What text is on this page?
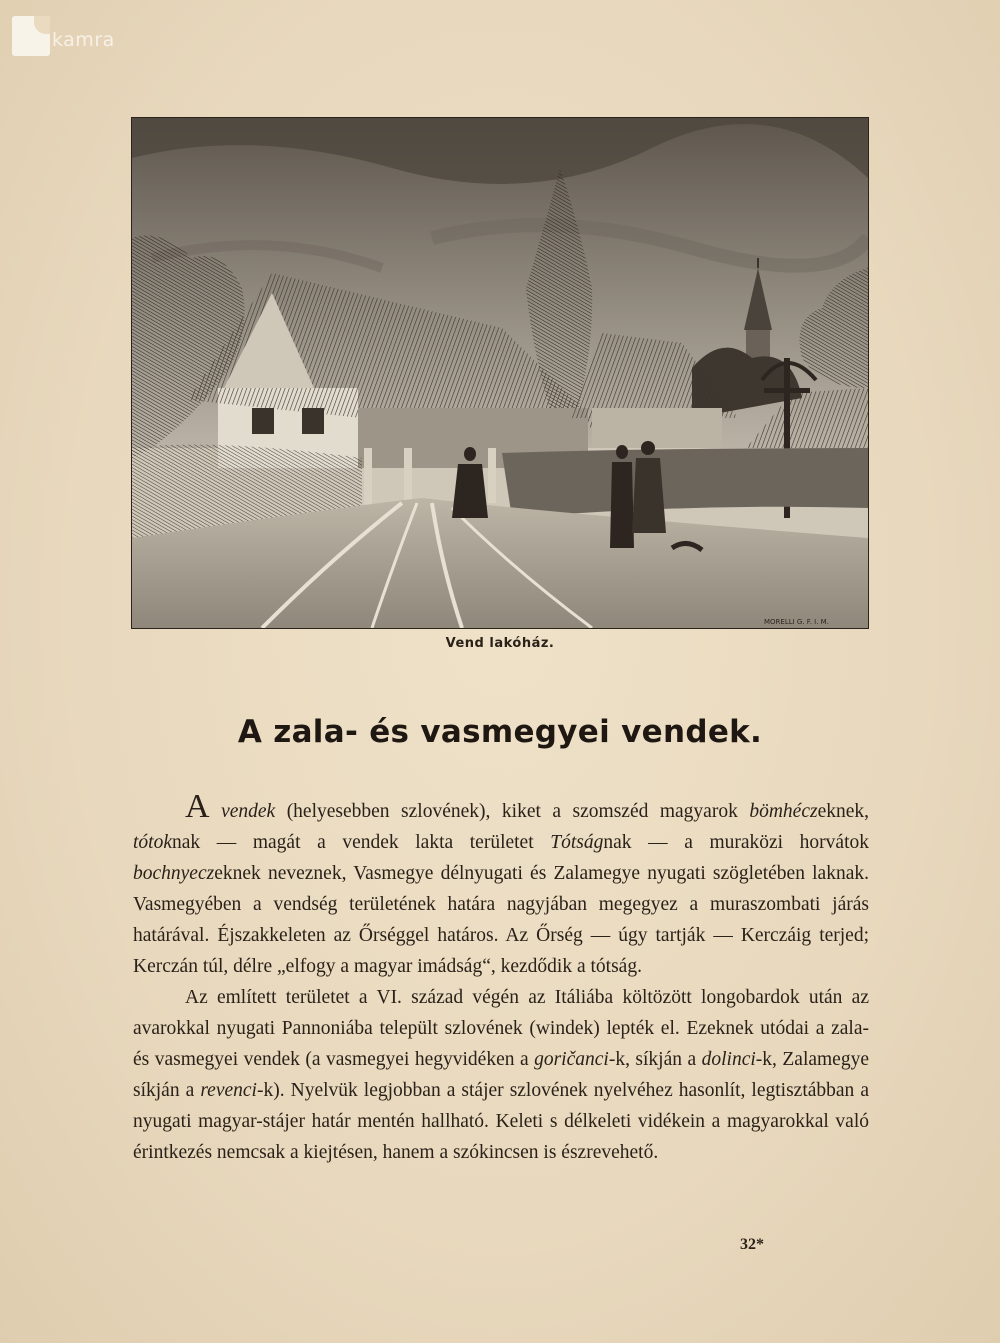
kamra
MORELLI G. F. I. M.
Vend lakóház.
A zala- és vasmegyei vendek.

A vendek (helyesebben szlovének), kiket a szomszéd magyarok bömhéczeknek, tótoknak — magát a vendek lakta területet Tótságnak — a muraközi horvátok bochnyeczeknek neveznek, Vasmegye délnyugati és Zalamegye nyugati szögletében laknak. Vasmegyében a vendség területének határa nagyjában megegyez a muraszombati járás határával. Éjszakkeleten az Őrséggel határos. Az Őrség — úgy tartják — Kerczáig terjed; Kerczán túl, délre „elfogy a magyar imádság“, kezdődik a tótság.

Az említett területet a VI. század végén az Itáliába költözött longobardok után az avarokkal nyugati Pannoniába települt szlovének (windek) lepték el. Ezeknek utódai a zala- és vasmegyei vendek (a vasmegyei hegyvidéken a goričanci-k, síkján a dolinci-k, Zalamegye síkján a revenci-k). Nyelvük legjobban a stájer szlovének nyelvéhez hasonlít, legtisztábban a nyugati magyar-stájer határ mentén hallható. Keleti s délkeleti vidékein a magyarokkal való érintkezés nemcsak a kiejtésen, hanem a szókincsen is észrevehető.

32*
